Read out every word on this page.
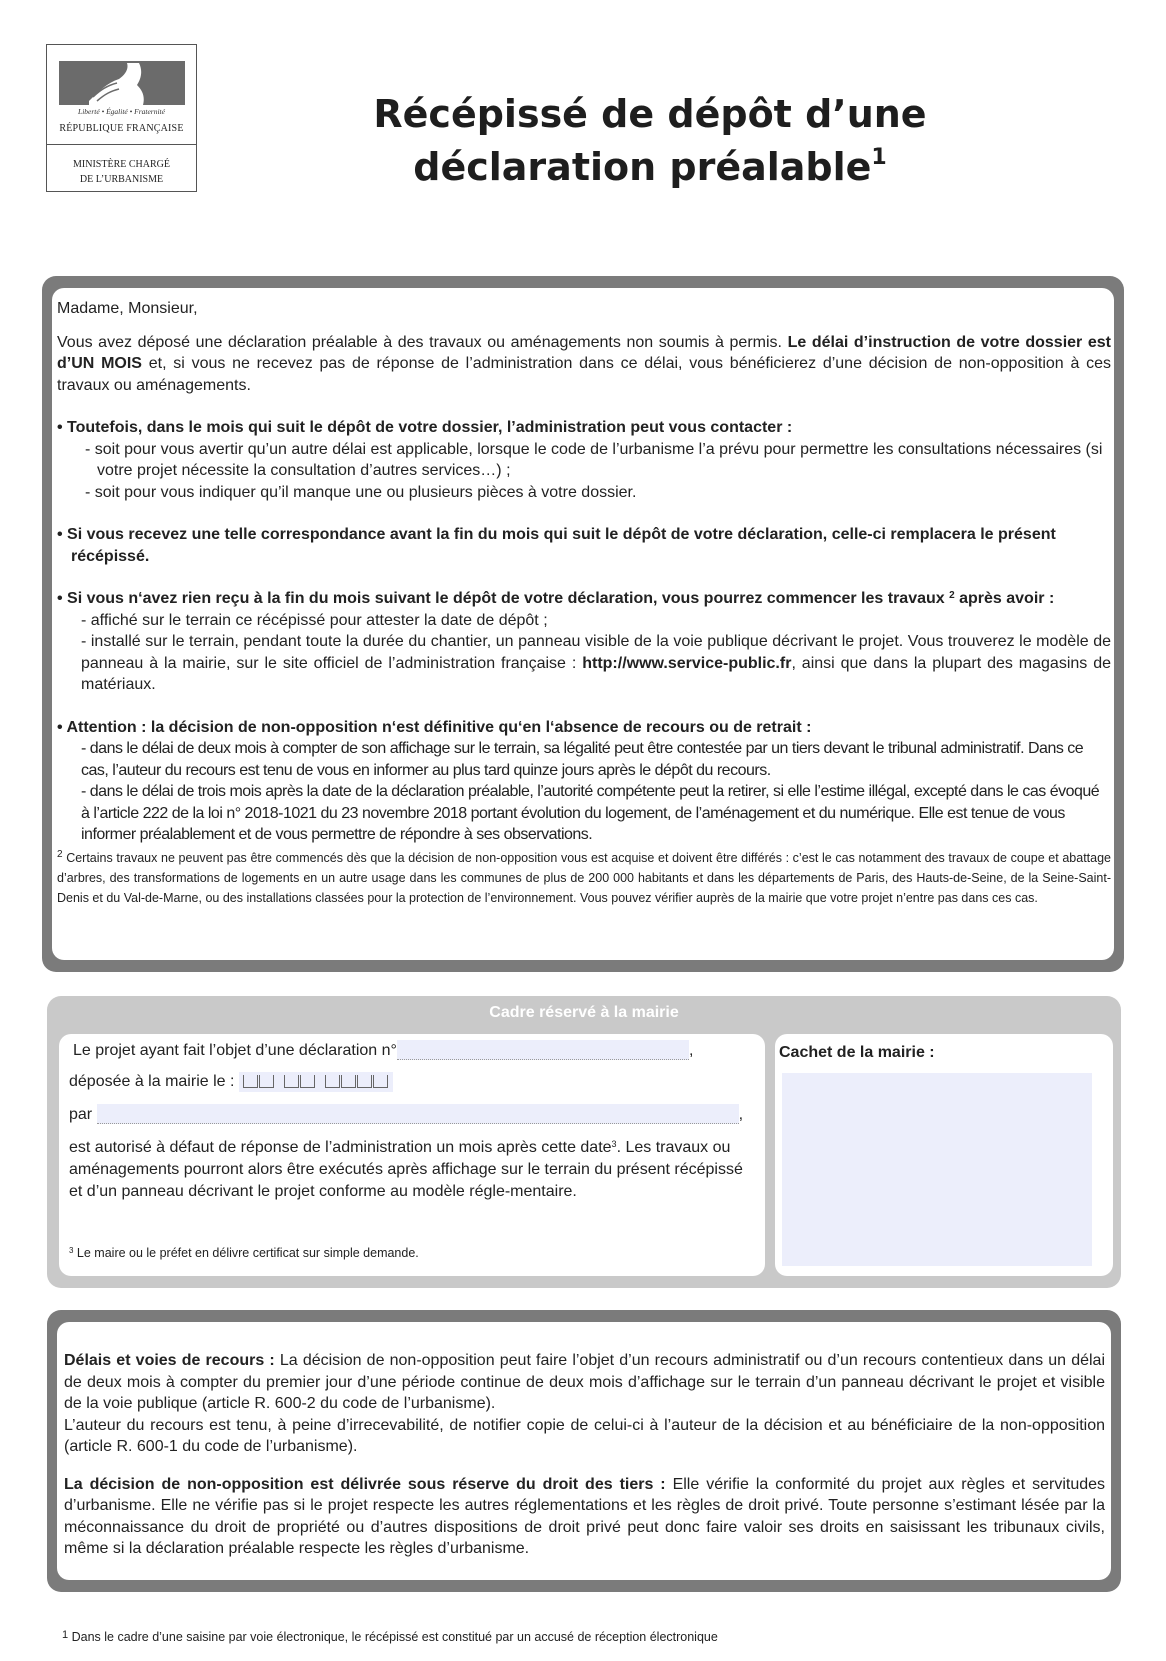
Liberté • Égalité • Fraternité
RÉPUBLIQUE FRANÇAISE
MINISTÈRE CHARGÉ
DE L’URBANISME
Récépissé de dépôt d’une
déclaration préalable$^1$

Madame, Monsieur,

Vous avez déposé une déclaration préalable à des travaux ou aménagements non soumis à permis. Le délai d’instruction de votre dossier est d’UN MOIS et, si vous ne recevez pas de réponse de l’administration dans ce délai, vous bénéficierez d’une décision de non-opposition à ces travaux ou aménagements.

• Toutefois, dans le mois qui suit le dépôt de votre dossier, l’administration peut vous contacter :

- soit pour vous avertir qu’un autre délai est applicable, lorsque le code de l’urbanisme l’a prévu pour permettre les consultations nécessaires (si votre projet nécessite la consultation d’autres services…) ;

- soit pour vous indiquer qu’il manque une ou plusieurs pièces à votre dossier.

• Si vous recevez une telle correspondance avant la fin du mois qui suit le dépôt de votre déclaration, celle-ci remplacera le présent récépissé.

• Si vous n‘avez rien reçu à la fin du mois suivant le dépôt de votre déclaration, vous pourrez commencer les travaux $^2$ après avoir :

- affiché sur le terrain ce récépissé pour attester la date de dépôt ;

- installé sur le terrain, pendant toute la durée du chantier, un panneau visible de la voie publique décrivant le projet. Vous trouverez le modèle de panneau à la mairie, sur le site officiel de l’administration française : http://www.service-public.fr, ainsi que dans la plupart des magasins de matériaux.

• Attention : la décision de non-opposition n‘est définitive qu‘en l‘absence de recours ou de retrait :

- dans le délai de deux mois à compter de son affichage sur le terrain, sa légalité peut être contestée par un tiers devant le tribunal administratif. Dans ce cas, l’auteur du recours est tenu de vous en informer au plus tard quinze jours après le dépôt du recours.

- dans le délai de trois mois après la date de la déclaration préalable, l’autorité compétente peut la retirer, si elle l’estime illégal, excepté dans le cas évoqué à l’article 222 de la loi n° 2018-1021 du 23 novembre 2018 portant évolution du logement, de l’aménagement et du numérique. Elle est tenue de vous informer préalablement et de vous permettre de répondre à ses observations.

$^2$ Certains travaux ne peuvent pas être commencés dès que la décision de non-opposition vous est acquise et doivent être différés : c’est le cas notamment des travaux de coupe et abattage d’arbres, des transformations de logements en un autre usage dans les communes de plus de 200 000 habitants et dans les départements de Paris, des Hauts-de-Seine, de la Seine-Saint-Denis et du Val-de-Marne, ou des installations classées pour la protection de l’environnement. Vous pouvez vérifier auprès de la mairie que votre projet n’entre pas dans ces cas.

Cadre réservé à la mairie
Le projet ayant fait l’objet d’une déclaration n°	,
déposée à la mairie le :
par	,
est autorisé à défaut de réponse de l’administration un mois après cette date$^3$. Les travaux ou aménagements pourront alors être exécutés après affichage sur le terrain du présent récépissé et d’un panneau décrivant le projet conforme au modèle régle-mentaire.
$^3$ Le maire ou le préfet en délivre certificat sur simple demande.
Cachet de la mairie :

Délais et voies de recours : La décision de non-opposition peut faire l’objet d’un recours administratif ou d’un recours contentieux dans un délai de deux mois à compter du premier jour d’une période continue de deux mois d’affichage sur le terrain d’un panneau décrivant le projet et visible de la voie publique (article R. 600-2 du code de l’urbanisme).

L’auteur du recours est tenu, à peine d’irrecevabilité, de notifier copie de celui-ci à l’auteur de la décision et au bénéficiaire de la non-opposition (article R. 600-1 du code de l’urbanisme).

La décision de non-opposition est délivrée sous réserve du droit des tiers : Elle vérifie la conformité du projet aux règles et servitudes d’urbanisme. Elle ne vérifie pas si le projet respecte les autres réglementations et les règles de droit privé. Toute personne s’estimant lésée par la méconnaissance du droit de propriété ou d’autres dispositions de droit privé peut donc faire valoir ses droits en saisissant les tribunaux civils, même si la déclaration préalable respecte les règles d’urbanisme.

$^1$ Dans le cadre d’une saisine par voie électronique, le récépissé est constitué par un accusé de réception électronique
